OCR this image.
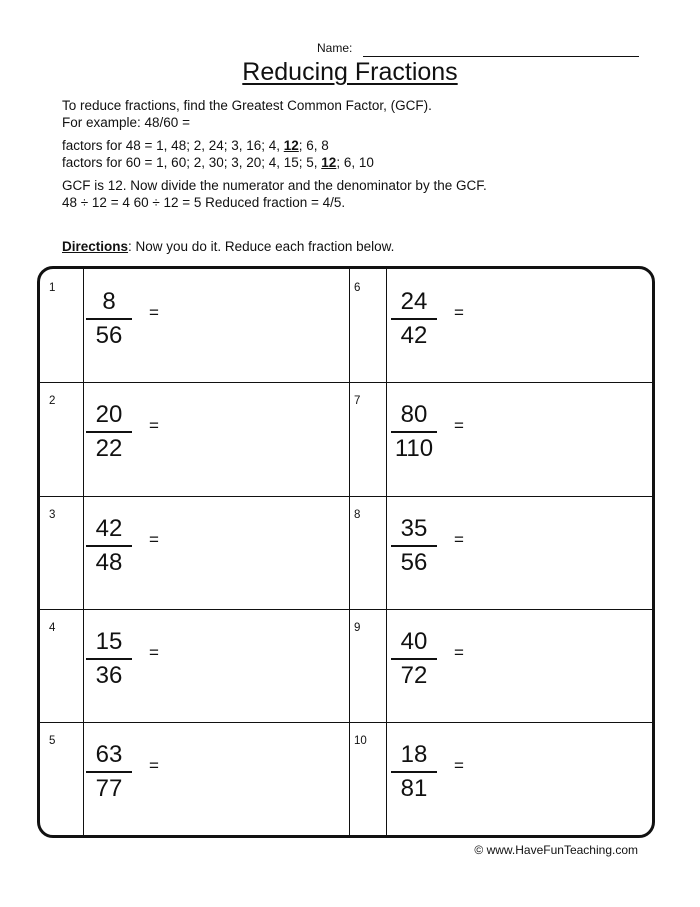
Name:
Reducing Fractions

To reduce fractions, find the Greatest Common Factor, (GCF).

For example: 48/60 =

factors for 48 = 1, 48; 2, 24; 3, 16; 4, 12; 6, 8

factors for 60 = 1, 60; 2, 30; 3, 20; 4, 15; 5, 12; 6, 10

GCF is 12. Now divide the numerator and the denominator by the GCF.

48 ÷ 12 = 4 60 ÷ 12 = 5 Reduced fraction = 4/5.

Directions: Now you do it. Reduce each fraction below.
1	8
56
=
2	20
22
=
3	42
48
=
4	15
36
=
5	63
77
=
6	24
42
=
7	80
110
=
8	35
56
=
9	40
72
=
10	18
81
=
© www.HaveFunTeaching.com
